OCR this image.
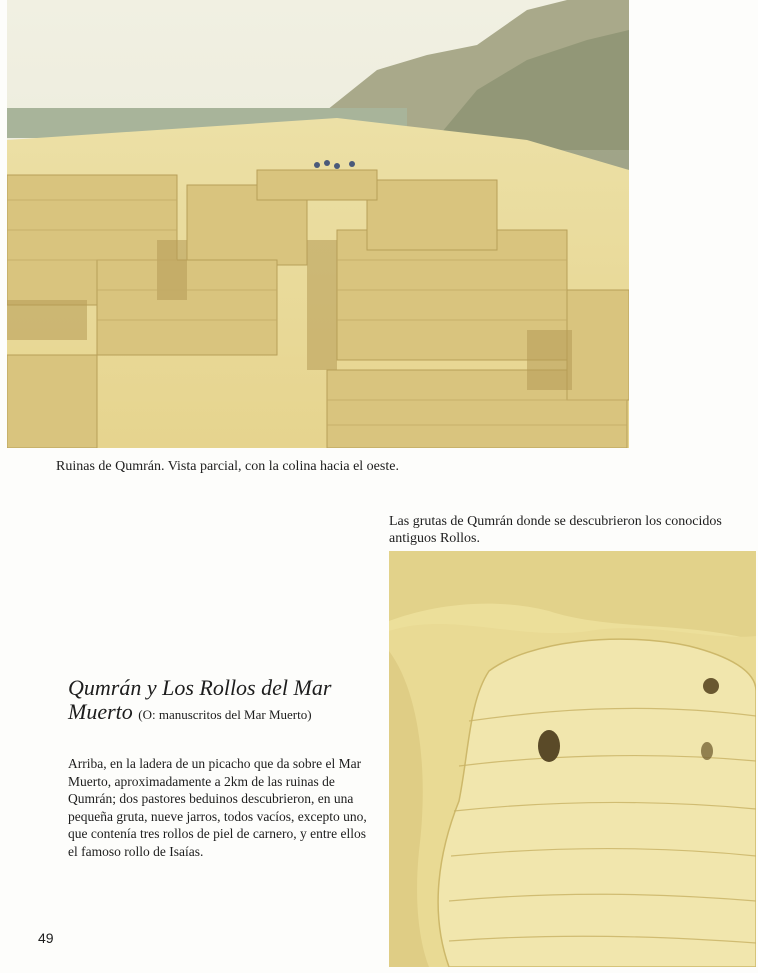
Ruinas de Qumrán. Vista parcial, con la colina hacia el oeste.
Las grutas de Qumrán donde se descubrieron los conocidos antiguos Rollos.
Qumrán y Los Rollos del Mar Muerto (O: manuscritos del Mar Muerto)

Arriba, en la ladera de un picacho que da sobre el Mar Muerto, aproximadamente a 2km de las ruinas de Qumrán; dos pastores beduinos descubrieron, en una pequeña gruta, nueve jarros, todos vacíos, excepto uno, que contenía tres rollos de piel de carnero, y entre ellos el famoso rollo de Isaías.

49
